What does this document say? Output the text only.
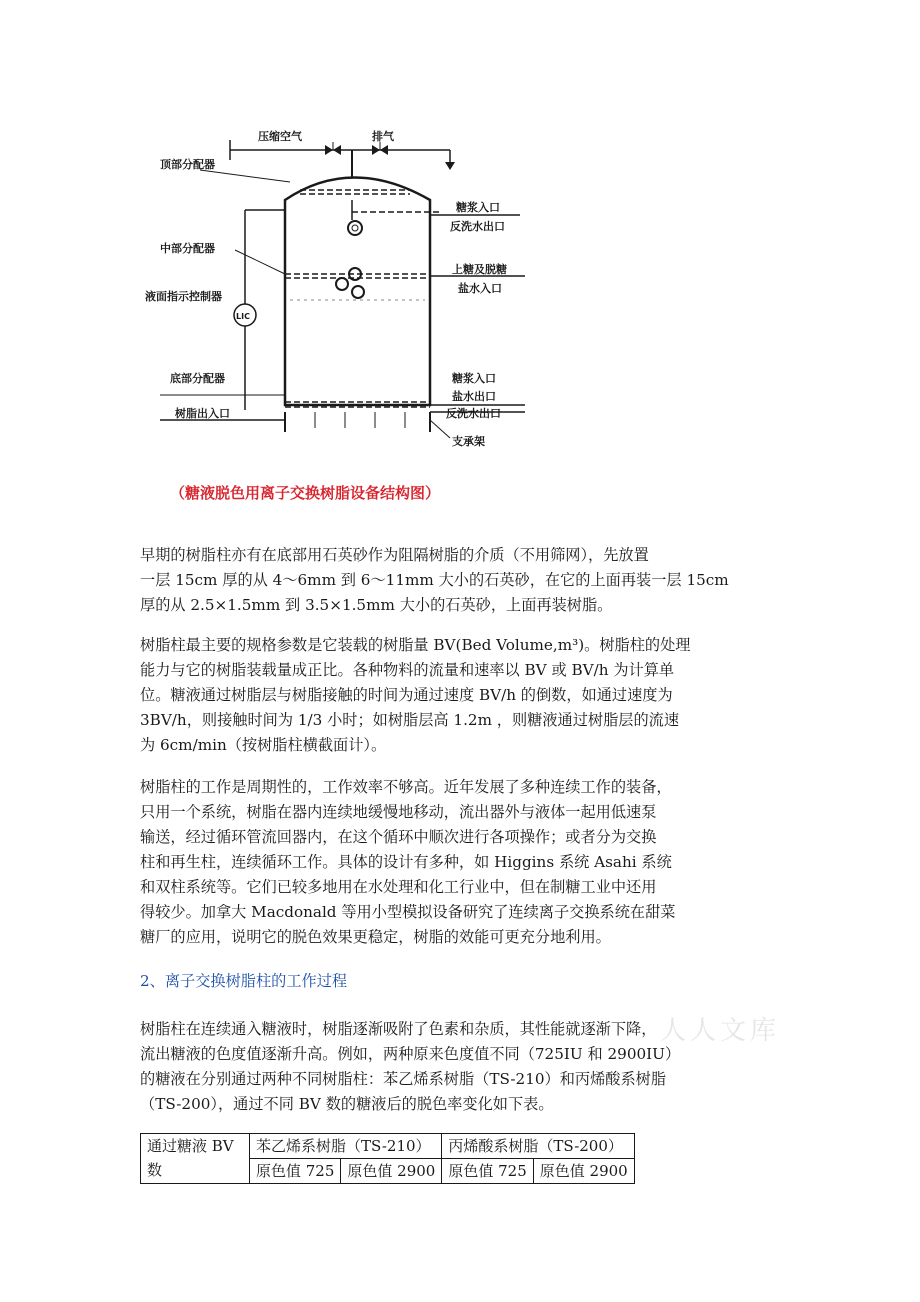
压缩空气	排气
顶部分配器
糖浆入口
反洗水出口
中部分配器
上糖及脱糖
盐水入口
LIC
液面指示控制器
底部分配器
树脂出入口
糖浆入口
盐水出口
反洗水出口
支承架
（糖液脱色用离子交换树脂设备结构图）
早期的树脂柱亦有在底部用石英砂作为阻隔树脂的介质（不用筛网），先放置
一层 15cm 厚的从 4～6mm 到 6～11mm 大小的石英砂，在它的上面再装一层 15cm
厚的从 2.5×1.5mm 到 3.5×1.5mm 大小的石英砂，上面再装树脂。
树脂柱最主要的规格参数是它装载的树脂量 BV(Bed Volume,m³)。树脂柱的处理
能力与它的树脂装载量成正比。各种物料的流量和速率以 BV 或 BV/h 为计算单
位。糖液通过树脂层与树脂接触的时间为通过速度 BV/h 的倒数，如通过速度为
3BV/h，则接触时间为 1/3 小时；如树脂层高 1.2m ，则糖液通过树脂层的流速
为 6cm/min（按树脂柱横截面计）。
树脂柱的工作是周期性的，工作效率不够高。近年发展了多种连续工作的装备，
只用一个系统，树脂在器内连续地缓慢地移动，流出器外与液体一起用低速泵
输送，经过循环管流回器内，在这个循环中顺次进行各项操作；或者分为交换
柱和再生柱，连续循环工作。具体的设计有多种，如 Higgins 系统 Asahi 系统
和双柱系统等。它们已较多地用在水处理和化工行业中，但在制糖工业中还用
得较少。加拿大 Macdonald 等用小型模拟设备研究了连续离子交换系统在甜菜
糖厂的应用，说明它的脱色效果更稳定，树脂的效能可更充分地利用。

2、离子交换树脂柱的工作过程

树脂柱在连续通入糖液时，树脂逐渐吸附了色素和杂质，其性能就逐渐下降，
流出糖液的色度值逐渐升高。例如，两种原来色度值不同（725IU 和 2900IU）
的糖液在分别通过两种不同树脂柱：苯乙烯系树脂（TS-210）和丙烯酸系树脂
（TS-200），通过不同 BV 数的糖液后的脱色率变化如下表。
人人文库
通过糖液 BV
数	苯乙烯系树脂（TS-210）		丙烯酸系树脂（TS-200）	
	原色值 725	原色值 2900	原色值 725	原色值 2900
